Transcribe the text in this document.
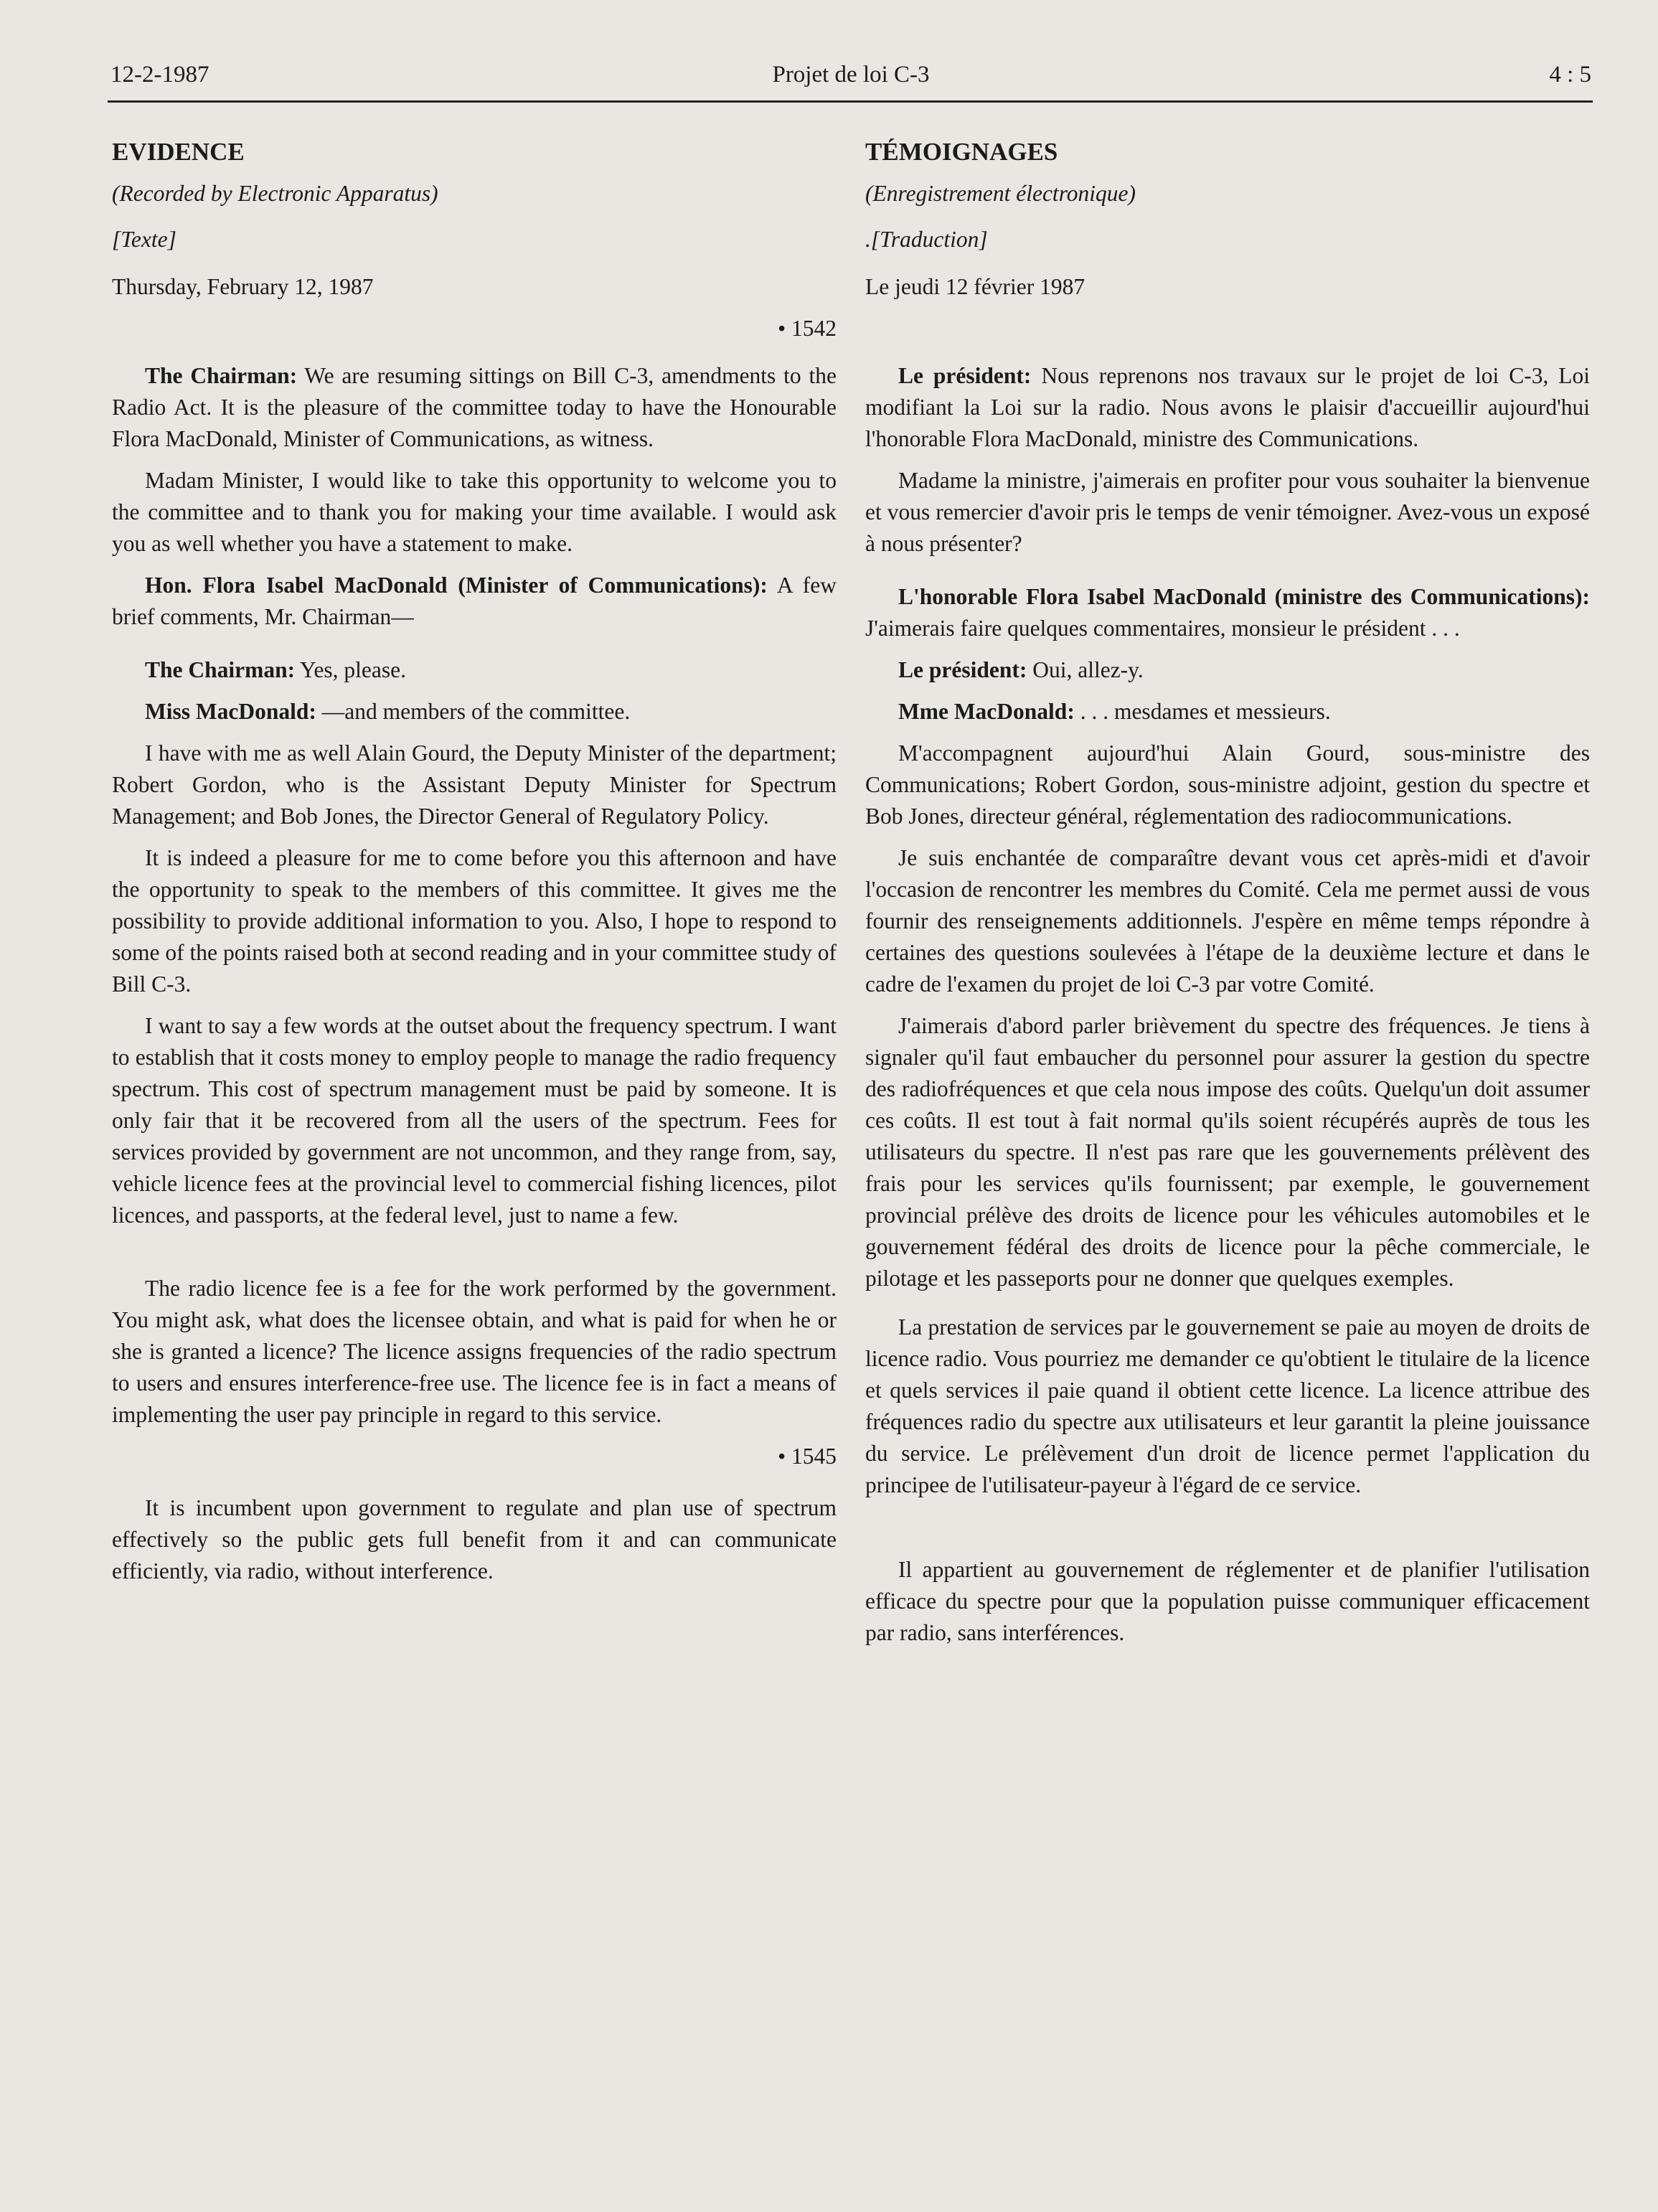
12-2-1987	Projet de loi C-3	4 : 5
EVIDENCE
(Recorded by Electronic Apparatus)
[Texte]
Thursday, February 12, 1987
• 1542
The Chairman: We are resuming sittings on Bill C-3, amendments to the Radio Act. It is the pleasure of the committee today to have the Honourable Flora MacDonald, Minister of Communications, as witness.
Madam Minister, I would like to take this opportunity to welcome you to the committee and to thank you for making your time available. I would ask you as well whether you have a statement to make.
Hon. Flora Isabel MacDonald (Minister of Communications): A few brief comments, Mr. Chairman—
The Chairman: Yes, please.
Miss MacDonald: —and members of the committee.
I have with me as well Alain Gourd, the Deputy Minister of the department; Robert Gordon, who is the Assistant Deputy Minister for Spectrum Management; and Bob Jones, the Director General of Regulatory Policy.
It is indeed a pleasure for me to come before you this afternoon and have the opportunity to speak to the members of this committee. It gives me the possibility to provide additional information to you. Also, I hope to respond to some of the points raised both at second reading and in your committee study of Bill C-3.
I want to say a few words at the outset about the frequency spectrum. I want to establish that it costs money to employ people to manage the radio frequency spectrum. This cost of spectrum management must be paid by someone. It is only fair that it be recovered from all the users of the spectrum. Fees for services provided by government are not uncommon, and they range from, say, vehicle licence fees at the provincial level to commercial fishing licences, pilot licences, and passports, at the federal level, just to name a few.
The radio licence fee is a fee for the work performed by the government. You might ask, what does the licensee obtain, and what is paid for when he or she is granted a licence? The licence assigns frequencies of the radio spectrum to users and ensures interference-free use. The licence fee is in fact a means of implementing the user pay principle in regard to this service.
• 1545
It is incumbent upon government to regulate and plan use of spectrum effectively so the public gets full benefit from it and can communicate efficiently, via radio, without interference.
TÉMOIGNAGES
(Enregistrement électronique)
.[Traduction]
Le jeudi 12 février 1987
Le président: Nous reprenons nos travaux sur le projet de loi C-3, Loi modifiant la Loi sur la radio. Nous avons le plaisir d'accueillir aujourd'hui l'honorable Flora MacDonald, ministre des Communications.
Madame la ministre, j'aimerais en profiter pour vous souhaiter la bienvenue et vous remercier d'avoir pris le temps de venir témoigner. Avez-vous un exposé à nous présenter?
L'honorable Flora Isabel MacDonald (ministre des Communications): J'aimerais faire quelques commentaires, monsieur le président . . .
Le président: Oui, allez-y.
Mme MacDonald: . . . mesdames et messieurs.
M'accompagnent aujourd'hui Alain Gourd, sous-ministre des Communications; Robert Gordon, sous-ministre adjoint, gestion du spectre et Bob Jones, directeur général, réglementation des radiocommunications.
Je suis enchantée de comparaître devant vous cet après-midi et d'avoir l'occasion de rencontrer les membres du Comité. Cela me permet aussi de vous fournir des renseignements additionnels. J'espère en même temps répondre à certaines des questions soulevées à l'étape de la deuxième lecture et dans le cadre de l'examen du projet de loi C-3 par votre Comité.
J'aimerais d'abord parler brièvement du spectre des fréquences. Je tiens à signaler qu'il faut embaucher du personnel pour assurer la gestion du spectre des radiofréquences et que cela nous impose des coûts. Quelqu'un doit assumer ces coûts. Il est tout à fait normal qu'ils soient récupérés auprès de tous les utilisateurs du spectre. Il n'est pas rare que les gouvernements prélèvent des frais pour les services qu'ils fournissent; par exemple, le gouvernement provincial prélève des droits de licence pour les véhicules automobiles et le gouvernement fédéral des droits de licence pour la pêche commerciale, le pilotage et les passeports pour ne donner que quelques exemples.
La prestation de services par le gouvernement se paie au moyen de droits de licence radio. Vous pourriez me demander ce qu'obtient le titulaire de la licence et quels services il paie quand il obtient cette licence. La licence attribue des fréquences radio du spectre aux utilisateurs et leur garantit la pleine jouissance du service. Le prélèvement d'un droit de licence permet l'application du principee de l'utilisateur-payeur à l'égard de ce service.
Il appartient au gouvernement de réglementer et de planifier l'utilisation efficace du spectre pour que la population puisse communiquer efficacement par radio, sans interférences.
